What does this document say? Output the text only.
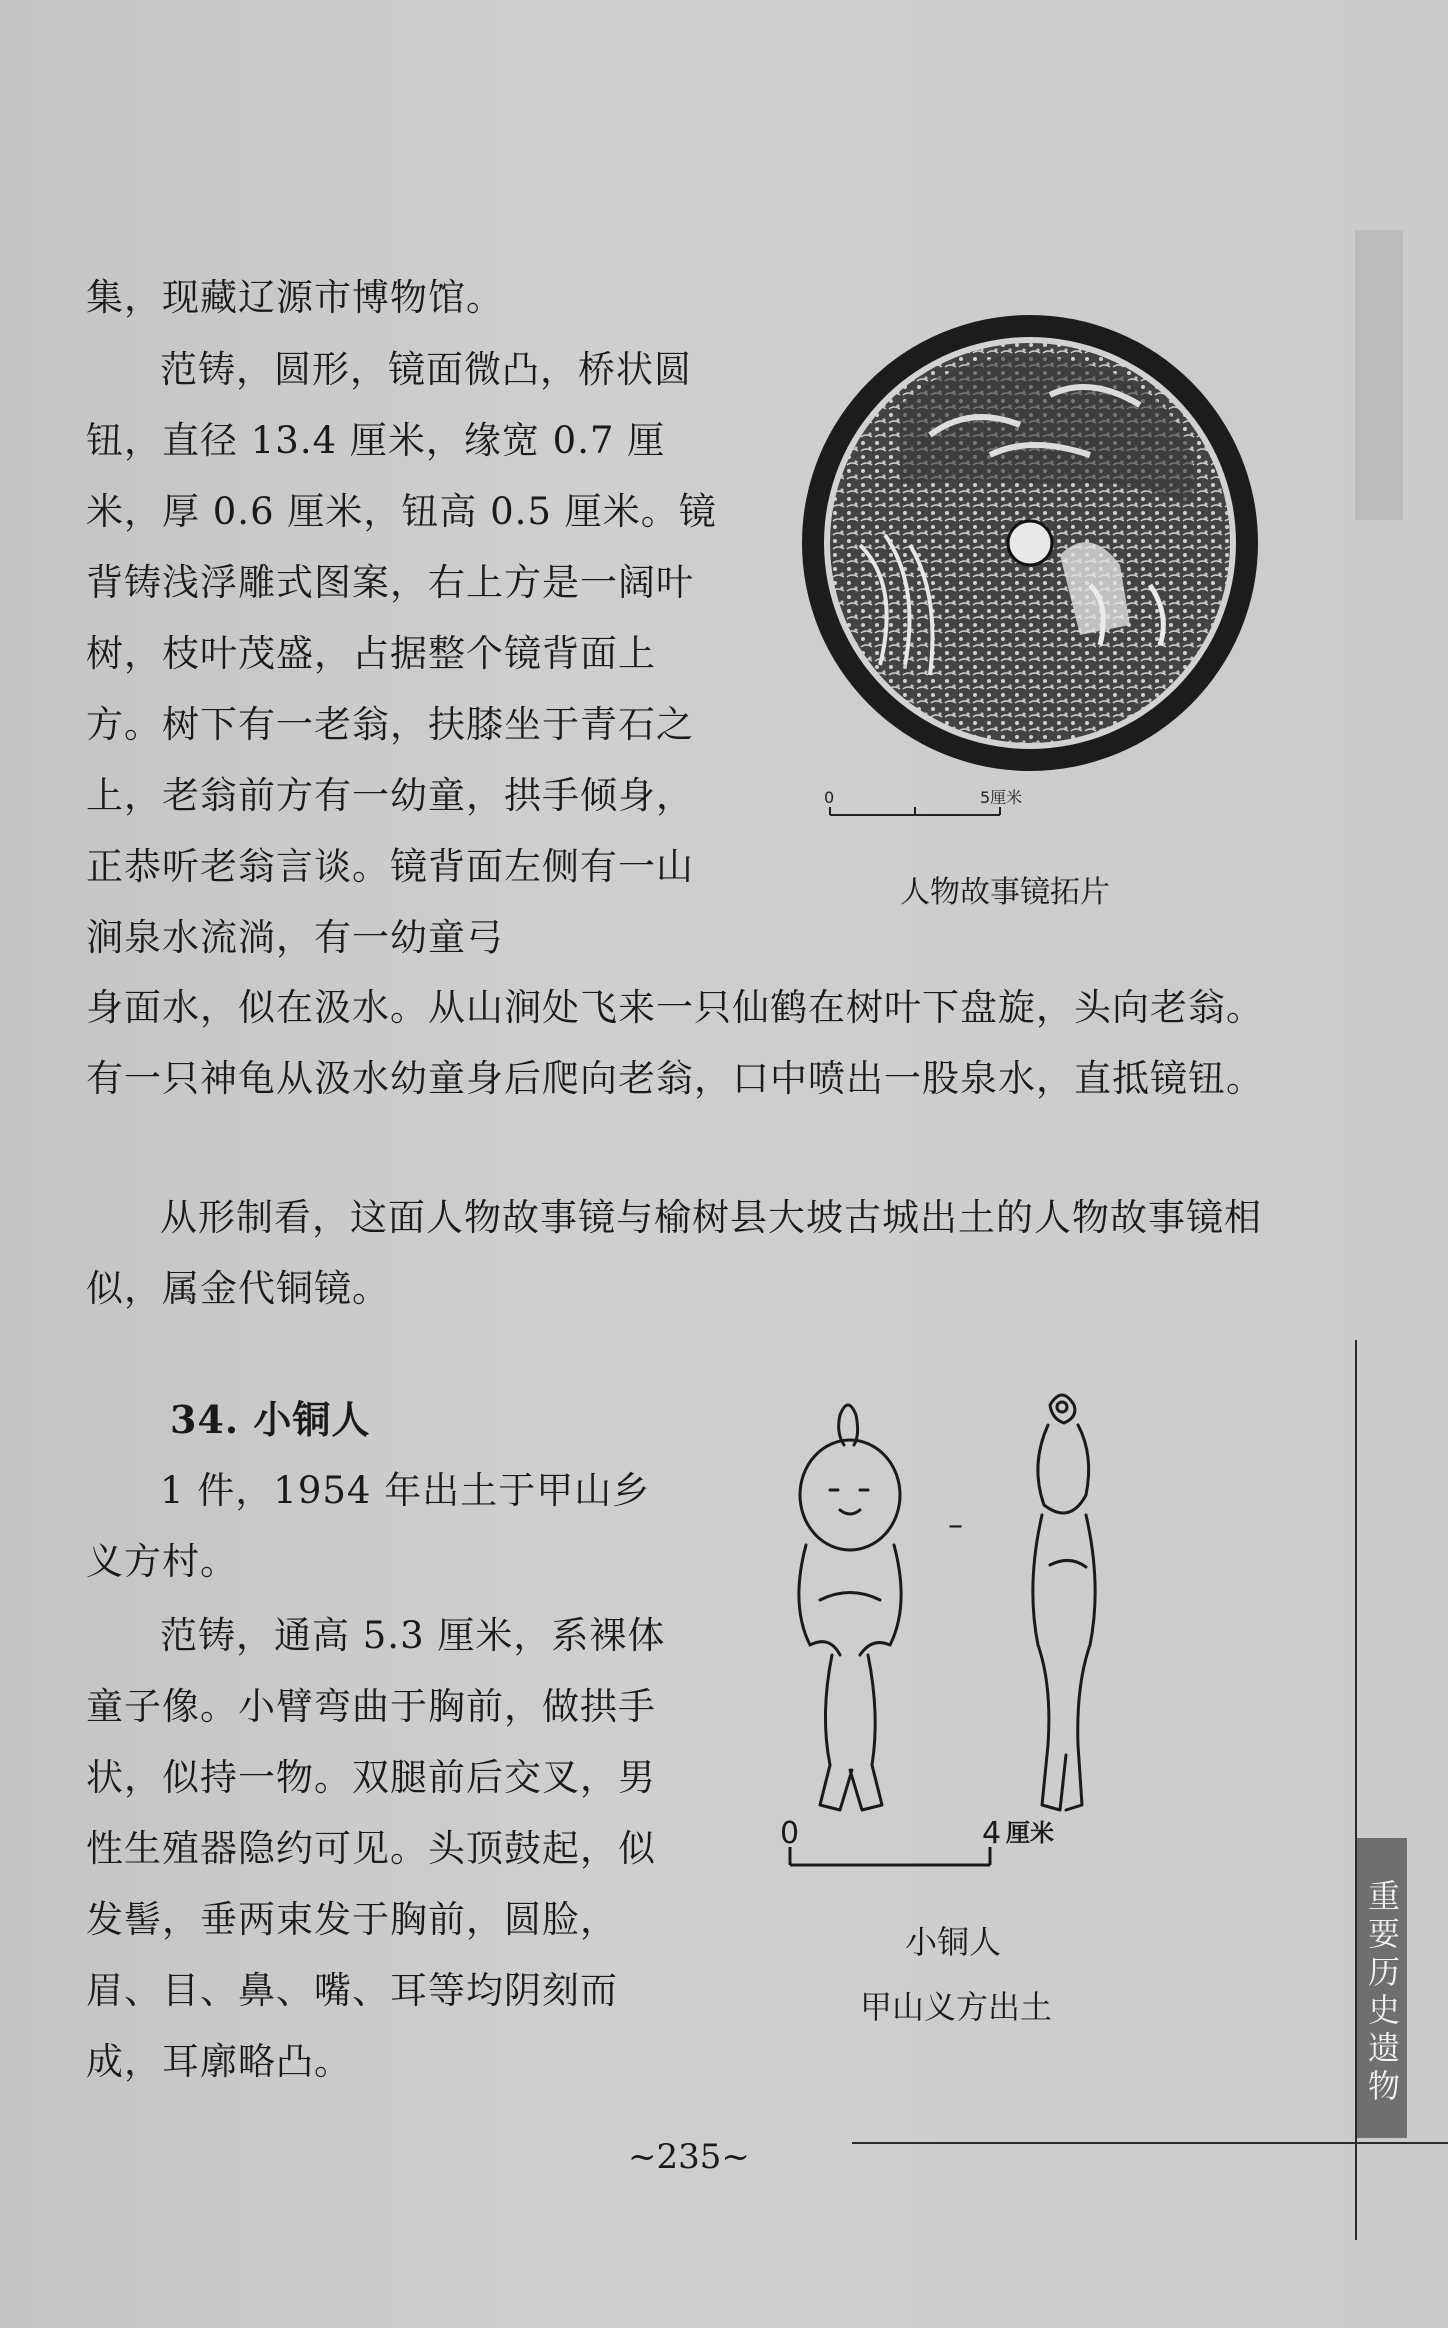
集，现藏辽源市博物馆。

范铸，圆形，镜面微凸，桥状圆钮，直径 13.4 厘米，缘宽 0.7 厘米，厚 0.6 厘米，钮高 0.5 厘米。镜背铸浅浮雕式图案，右上方是一阔叶树，枝叶茂盛，占据整个镜背面上方。树下有一老翁，扶膝坐于青石之上，老翁前方有一幼童，拱手倾身，正恭听老翁言谈。镜背面左侧有一山涧泉水流淌，有一幼童弓

身面水，似在汲水。从山涧处飞来一只仙鹤在树叶下盘旋，头向老翁。有一只神龟从汲水幼童身后爬向老翁，口中喷出一股泉水，直抵镜钮。

从形制看，这面人物故事镜与榆树县大坡古城出土的人物故事镜相似，属金代铜镜。

0	5厘米
人物故事镜拓片
34. 小铜人

1 件，1954 年出土于甲山乡义方村。

范铸，通高 5.3 厘米，系裸体童子像。小臂弯曲于胸前，做拱手状，似持一物。双腿前后交叉，男性生殖器隐约可见。头顶鼓起，似发髻，垂两束发于胸前，圆脸，眉、目、鼻、嘴、耳等均阴刻而成，耳廓略凸。

–
0	4 厘米
小铜人
甲山义方出土
~235~
重要历史遗物
